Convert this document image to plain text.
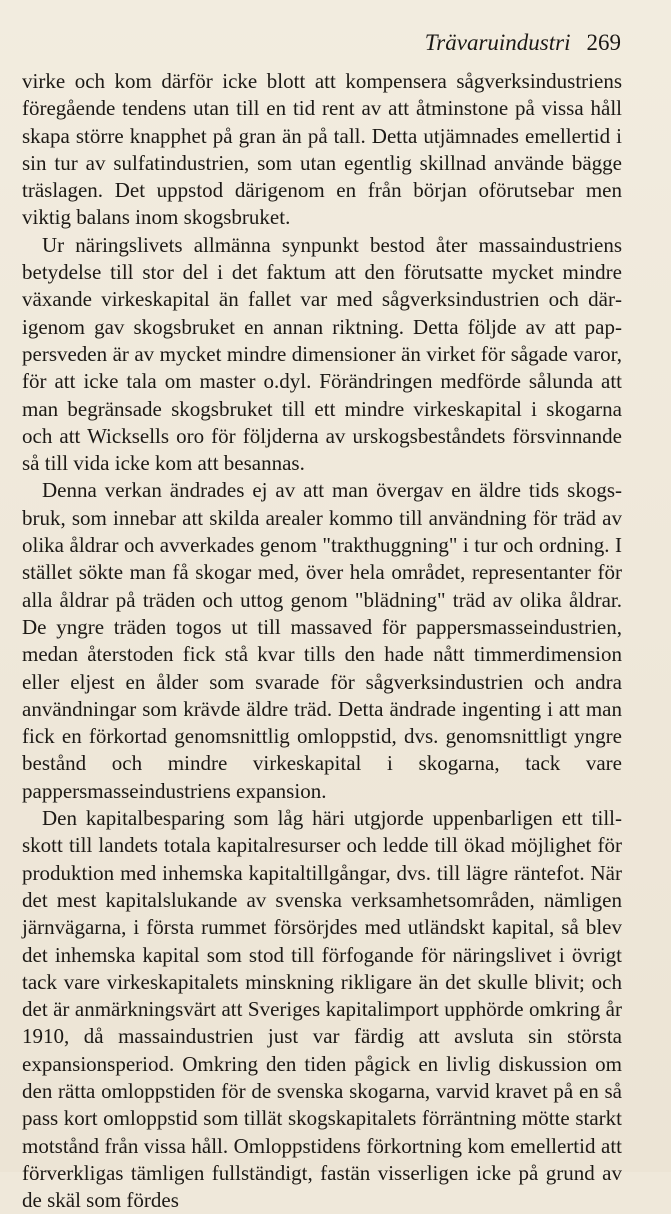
Trävaruindustri 269

virke och kom därför icke blott att kompensera sågverksindustriens föregående tendens utan till en tid rent av att åtminstone på vissa håll skapa större knapphet på gran än på tall. Detta utjämnades emellertid i sin tur av sulfatindustrien, som utan egentlig skillnad använde bägge träslagen. Det uppstod därigenom en från början oförutsebar men viktig balans inom skogsbruket.

Ur näringslivets allmänna synpunkt bestod åter massaindustriens betydelse till stor del i det faktum att den förutsatte mycket mindre växande virkeskapital än fallet var med sågverksindustrien och därigenom gav skogsbruket en annan riktning. Detta följde av att pappersveden är av mycket mindre dimensioner än virket för sågade varor, för att icke tala om master o.dyl. Förändringen medförde sålunda att man begränsade skogsbruket till ett mindre virkeskapital i skogarna och att Wicksells oro för följderna av urskogsbeståndets försvinnande så till vida icke kom att besannas.

Denna verkan ändrades ej av att man övergav en äldre tids skogsbruk, som innebar att skilda arealer kommo till användning för träd av olika åldrar och avverkades genom "trakthuggning" i tur och ordning. I stället sökte man få skogar med, över hela området, representanter för alla åldrar på träden och uttog genom "blädning" träd av olika åldrar. De yngre träden togos ut till massaved för pappersmasseindustrien, medan återstoden fick stå kvar tills den hade nått timmerdimension eller eljest en ålder som svarade för sågverksindustrien och andra användningar som krävde äldre träd. Detta ändrade ingenting i att man fick en förkortad genomsnittlig omloppstid, dvs. genomsnittligt yngre bestånd och mindre virkeskapital i skogarna, tack vare pappersmasseindustriens expansion.

Den kapitalbesparing som låg häri utgjorde uppenbarligen ett tillskott till landets totala kapitalresurser och ledde till ökad möjlighet för produktion med inhemska kapitaltillgångar, dvs. till lägre räntefot. När det mest kapitalslukande av svenska verksamhetsområden, nämligen järnvägarna, i första rummet försörjdes med utländskt kapital, så blev det inhemska kapital som stod till förfogande för näringslivet i övrigt tack vare virkeskapitalets minskning rikligare än det skulle blivit; och det är anmärkningsvärt att Sveriges kapitalimport upphörde omkring år 1910, då massaindustrien just var färdig att avsluta sin största expansionsperiod. Omkring den tiden pågick en livlig diskussion om den rätta omloppstiden för de svenska skogarna, varvid kravet på en så pass kort omloppstid som tillät skogskapitalets förräntning mötte starkt motstånd från vissa håll. Omloppstidens förkortning kom emellertid att förverkligas tämligen fullständigt, fastän visserligen icke på grund av de skäl som fördes
